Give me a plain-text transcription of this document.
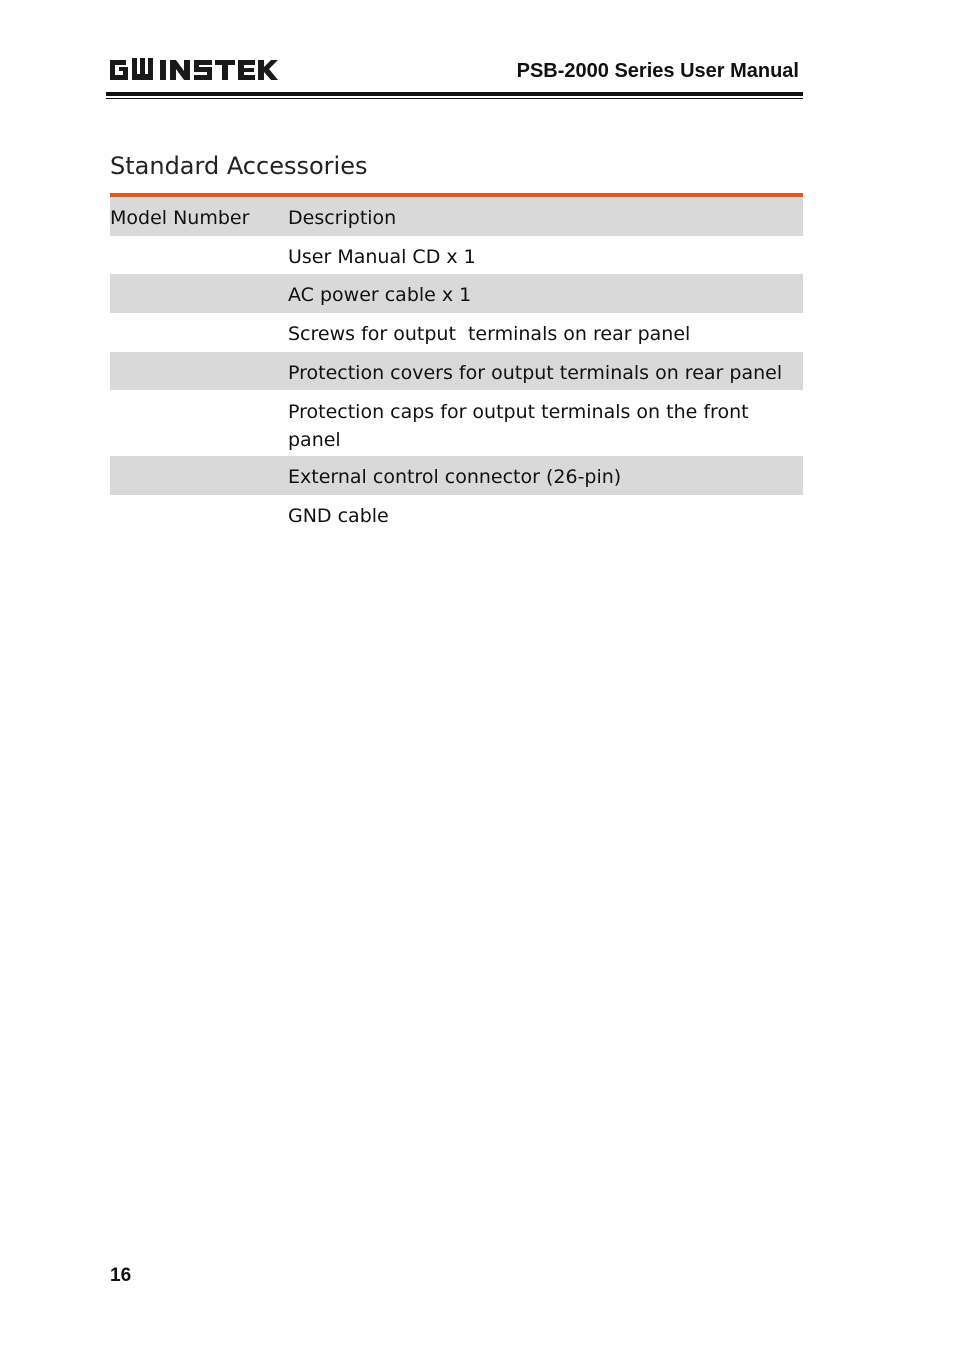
PSB-2000 Series User Manual
Standard Accessories
Model Number	Description
User Manual CD x 1
AC power cable x 1
Screws for output  terminals on rear panel
Protection covers for output terminals on rear panel
Protection caps for output terminals on the front panel
External control connector (26-pin)
GND cable
16
